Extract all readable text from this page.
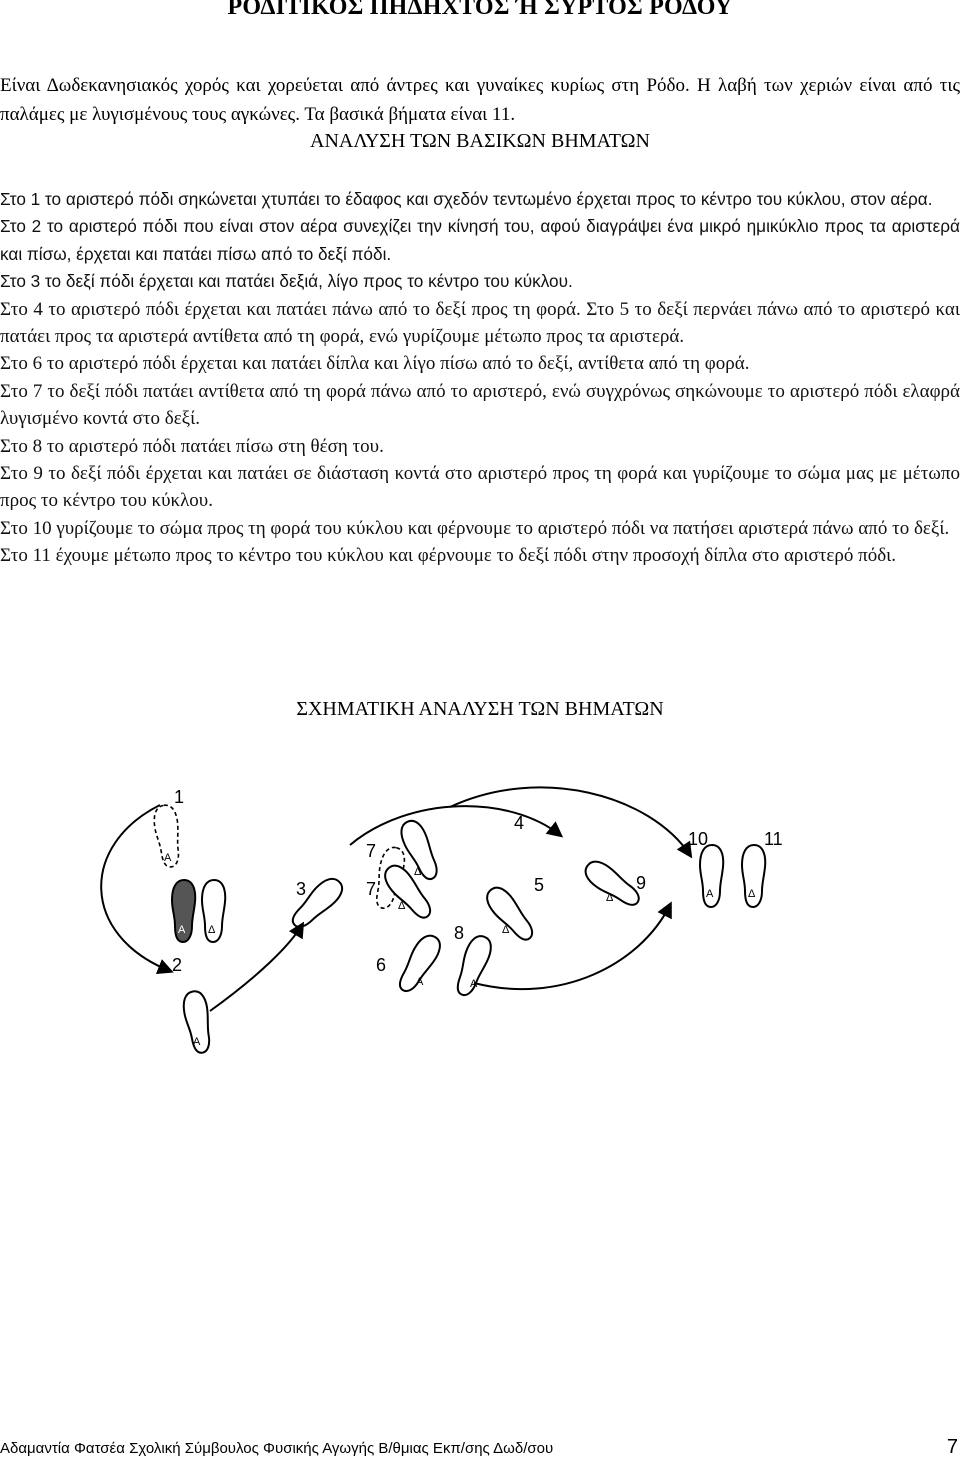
ΡΟΔΙΤΙΚΟΣ ΠΗΔΗΧΤΟΣ Ή ΣΥΡΤΟΣ ΡΟΔΟΥ

Είναι Δωδεκανησιακός χορός και χορεύεται από άντρες και γυναίκες κυρίως στη Ρόδο. Η λαβή των χεριών είναι από τις παλάμες με λυγισμένους τους αγκώνες. Τα βασικά βήματα είναι 11.

ΑΝΑΛΥΣΗ ΤΩΝ ΒΑΣΙΚΩΝ ΒΗΜΑΤΩΝ

Στο 1 το αριστερό πόδι σηκώνεται χτυπάει το έδαφος και σχεδόν τεντωμένο έρχεται προς το κέντρο του κύκλου, στον αέρα.

Στο 2 το αριστερό πόδι που είναι στον αέρα συνεχίζει την κίνησή του, αφού διαγράψει ένα μικρό ημικύκλιο προς τα αριστερά και πίσω, έρχεται και πατάει πίσω από το δεξί πόδι.

Στο 3 το δεξί πόδι έρχεται και πατάει δεξιά, λίγο προς το κέντρο του κύκλου.

Στο 4 το αριστερό πόδι έρχεται και πατάει πάνω από το δεξί προς τη φορά. Στο 5 το δεξί περνάει πάνω από το αριστερό και πατάει προς τα αριστερά αντίθετα από τη φορά, ενώ γυρίζουμε μέτωπο προς τα αριστερά.

Στο 6 το αριστερό πόδι έρχεται και πατάει δίπλα και λίγο πίσω από το δεξί, αντίθετα από τη φορά.

Στο 7 το δεξί πόδι πατάει αντίθετα από τη φορά πάνω από το αριστερό, ενώ συγχρόνως σηκώνουμε το αριστερό πόδι ελαφρά λυγισμένο κοντά στο δεξί.

Στο 8 το αριστερό πόδι πατάει πίσω στη θέση του.

Στο 9 το δεξί πόδι έρχεται και πατάει σε διάσταση κοντά στο αριστερό προς τη φορά και γυρίζουμε το σώμα μας με μέτωπο προς το κέντρο του κύκλου.

Στο 10 γυρίζουμε το σώμα προς τη φορά του κύκλου και φέρνουμε το αριστερό πόδι να πατήσει αριστερά πάνω από το δεξί.

Στο 11 έχουμε μέτωπο προς το κέντρο του κύκλου και φέρνουμε το δεξί πόδι στην προσοχή δίπλα στο αριστερό πόδι.

ΣΧΗΜΑΤΙΚΗ ΑΝΑΛΥΣΗ ΤΩΝ ΒΗΜΑΤΩΝ
1
Α
Α Δ
2
Α
3
7
Δ
Δ
7	5
4
6
Α
8
Α
Δ
9
Δ
10
Α
11
Δ
Αδαμαντία Φατσέα Σχολική Σύμβουλος Φυσικής Αγωγής Β/θμιας Εκπ/σης Δωδ/σου	7
